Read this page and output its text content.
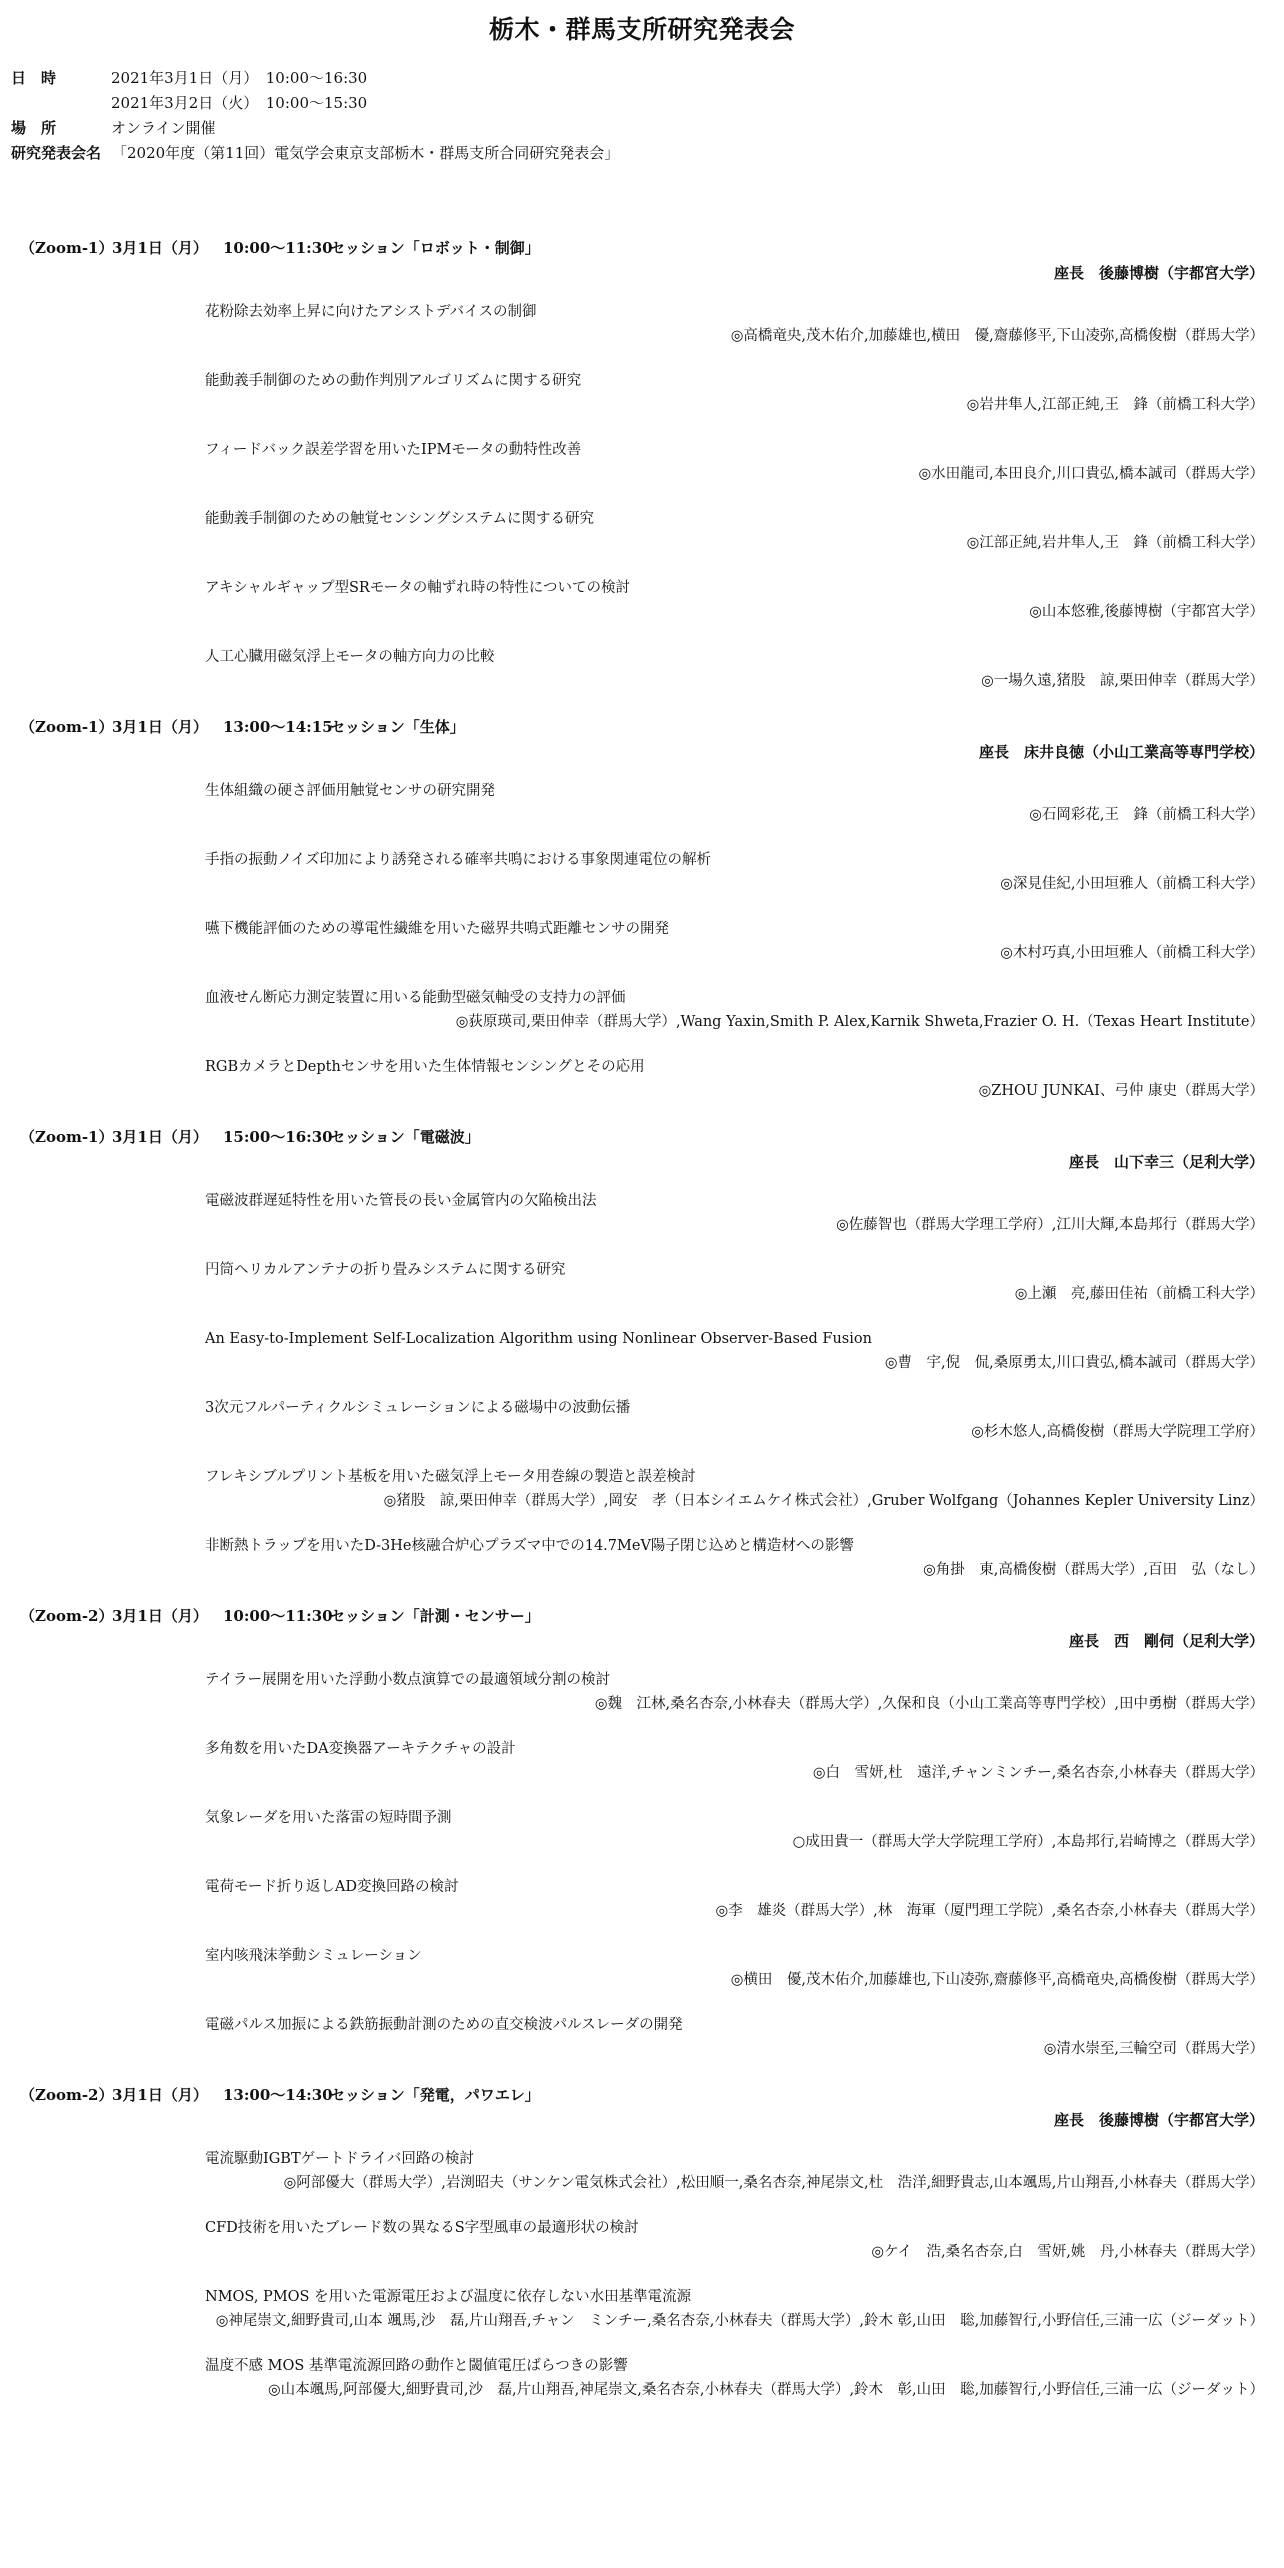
栃木・群馬支所研究発表会
日　時	2021年3月1日（月）　10:00〜16:30
2021年3月2日（火）　10:00〜15:30
場　所	オンライン開催
研究発表会名 「2020年度（第11回）電気学会東京支部栃木・群馬支所合同研究発表会」
（Zoom-1）
3月1日（月） 10:00〜11:30
セッション「ロボット・制御」
座長　後藤博樹（宇都宮大学）
花粉除去効率上昇に向けたアシストデバイスの制御
◎高橋竜央,茂木佑介,加藤雄也,横田　優,齋藤修平,下山凌弥,高橋俊樹（群馬大学）
能動義手制御のための動作判別アルゴリズムに関する研究
◎岩井隼人,江部正純,王　鋒（前橋工科大学）
フィードバック誤差学習を用いたIPMモータの動特性改善
◎水田龍司,本田良介,川口貴弘,橋本誠司（群馬大学）
能動義手制御のための触覚センシングシステムに関する研究
◎江部正純,岩井隼人,王　鋒（前橋工科大学）
アキシャルギャップ型SRモータの軸ずれ時の特性についての検討
◎山本悠雅,後藤博樹（宇都宮大学）
人工心臓用磁気浮上モータの軸方向力の比較
◎一場久遠,猪股　諒,栗田伸幸（群馬大学）
（Zoom-1）
3月1日（月） 13:00〜14:15
セッション「生体」
座長　床井良徳（小山工業高等専門学校）
生体組織の硬さ評価用触覚センサの研究開発
◎石岡彩花,王　鋒（前橋工科大学）
手指の振動ノイズ印加により誘発される確率共鳴における事象関連電位の解析
◎深見佳紀,小田垣雅人（前橋工科大学）
嚥下機能評価のための導電性繊維を用いた磁界共鳴式距離センサの開発
◎木村巧真,小田垣雅人（前橋工科大学）
血液せん断応力測定装置に用いる能動型磁気軸受の支持力の評価
◎荻原瑛司,栗田伸幸（群馬大学）,Wang Yaxin,Smith P. Alex,Karnik Shweta,Frazier O. H.（Texas Heart Institute）
RGBカメラとDepthセンサを用いた生体情報センシングとその応用
◎ZHOU JUNKAI、弓仲 康史（群馬大学）
（Zoom-1）
3月1日（月） 15:00〜16:30
セッション「電磁波」
座長　山下幸三（足利大学）
電磁波群遅延特性を用いた管長の長い金属管内の欠陥検出法
◎佐藤智也（群馬大学理工学府）,江川大輝,本島邦行（群馬大学）
円筒ヘリカルアンテナの折り畳みシステムに関する研究
◎上瀬　亮,藤田佳祐（前橋工科大学）
An Easy-to-Implement Self-Localization Algorithm using Nonlinear Observer-Based Fusion
◎曹　宇,倪　侃,桑原勇太,川口貴弘,橋本誠司（群馬大学）
3次元フルパーティクルシミュレーションによる磁場中の波動伝播
◎杉木悠人,高橋俊樹（群馬大学院理工学府）
フレキシブルプリント基板を用いた磁気浮上モータ用巻線の製造と誤差検討
◎猪股　諒,栗田伸幸（群馬大学）,岡安　孝（日本シイエムケイ株式会社）,Gruber Wolfgang（Johannes Kepler University Linz）
非断熱トラップを用いたD-3He核融合炉心プラズマ中での14.7MeV陽子閉じ込めと構造材への影響
◎角掛　東,高橋俊樹（群馬大学）,百田　弘（なし）
（Zoom-2）
3月1日（月） 10:00〜11:30
セッション「計測・センサー」
座長　西　剛伺（足利大学）
テイラー展開を用いた浮動小数点演算での最適領域分割の検討
◎魏　江林,桑名杏奈,小林春夫（群馬大学）,久保和良（小山工業高等専門学校）,田中勇樹（群馬大学）
多角数を用いたDA変換器アーキテクチャの設計
◎白　雪妍,杜　遠洋,チャンミンチー,桑名杏奈,小林春夫（群馬大学）
気象レーダを用いた落雷の短時間予測
○成田貴一（群馬大学大学院理工学府）,本島邦行,岩崎博之（群馬大学）
電荷モード折り返しAD変換回路の検討
◎李　雄炎（群馬大学）,林　海軍（厦門理工学院）,桑名杏奈,小林春夫（群馬大学）
室内咳飛沫挙動シミュレーション
◎横田　優,茂木佑介,加藤雄也,下山凌弥,齋藤修平,高橋竜央,高橋俊樹（群馬大学）
電磁パルス加振による鉄筋振動計測のための直交検波パルスレーダの開発
◎清水崇至,三輪空司（群馬大学）
（Zoom-2）
3月1日（月） 13:00〜14:30
セッション「発電，パワエレ」
座長　後藤博樹（宇都宮大学）
電流駆動IGBTゲートドライバ回路の検討
◎阿部優大（群馬大学）,岩渕昭夫（サンケン電気株式会社）,松田順一,桑名杏奈,神尾崇文,杜　浩洋,細野貴志,山本颯馬,片山翔吾,小林春夫（群馬大学）
CFD技術を用いたブレード数の異なるS字型風車の最適形状の検討
◎ケイ　浩,桑名杏奈,白　雪妍,姚　丹,小林春夫（群馬大学）
NMOS, PMOS を用いた電源電圧および温度に依存しない水田基準電流源
◎神尾崇文,細野貴司,山本 颯馬,沙　磊,片山翔吾,チャン　ミンチー,桑名杏奈,小林春夫（群馬大学）,鈴木 彰,山田　聡,加藤智行,小野信任,三浦一広（ジーダット）
温度不感 MOS 基準電流源回路の動作と閾値電圧ばらつきの影響
◎山本颯馬,阿部優大,細野貴司,沙　磊,片山翔吾,神尾崇文,桑名杏奈,小林春夫（群馬大学）,鈴木　彰,山田　聡,加藤智行,小野信任,三浦一広（ジーダット）
